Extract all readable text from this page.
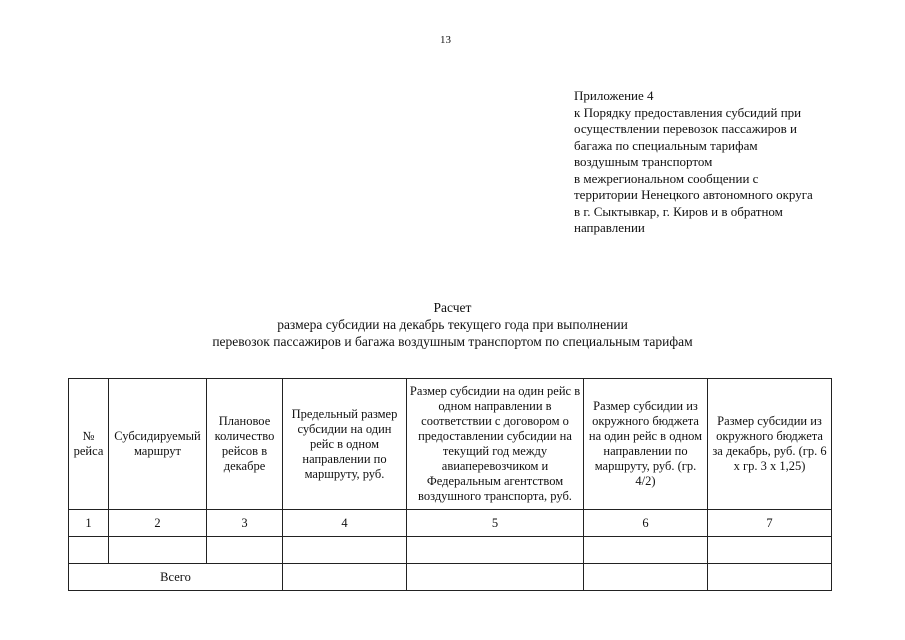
13
Приложение 4
к Порядку предоставления субсидий при
осуществлении перевозок пассажиров и
багажа по специальным тарифам
воздушным транспортом
в межрегиональном сообщении с
территории Ненецкого автономного округа
в г. Сыктывкар, г. Киров и в обратном
направлении
Расчет
размера субсидии на декабрь текущего года при выполнении
перевозок пассажиров и багажа воздушным транспортом по специальным тарифам
№ рейса	Субсидируемый маршрут	Плановое количество рейсов в декабре	Предельный размер субсидии на один рейс в одном направлении по маршруту, руб.	Размер субсидии на один рейс в одном направлении в соответствии с договором о предоставлении субсидии на текущий год между авиаперевозчиком и Федеральным агентством воздушного транспорта, руб.	Размер субсидии из окружного бюджета на один рейс в одном направлении по маршруту, руб. (гр. 4/2)	Размер субсидии из окружного бюджета за декабрь, руб. (гр. 6 х гр. 3 х 1,25)
1	2	3	4	5	6	7

Всего						
